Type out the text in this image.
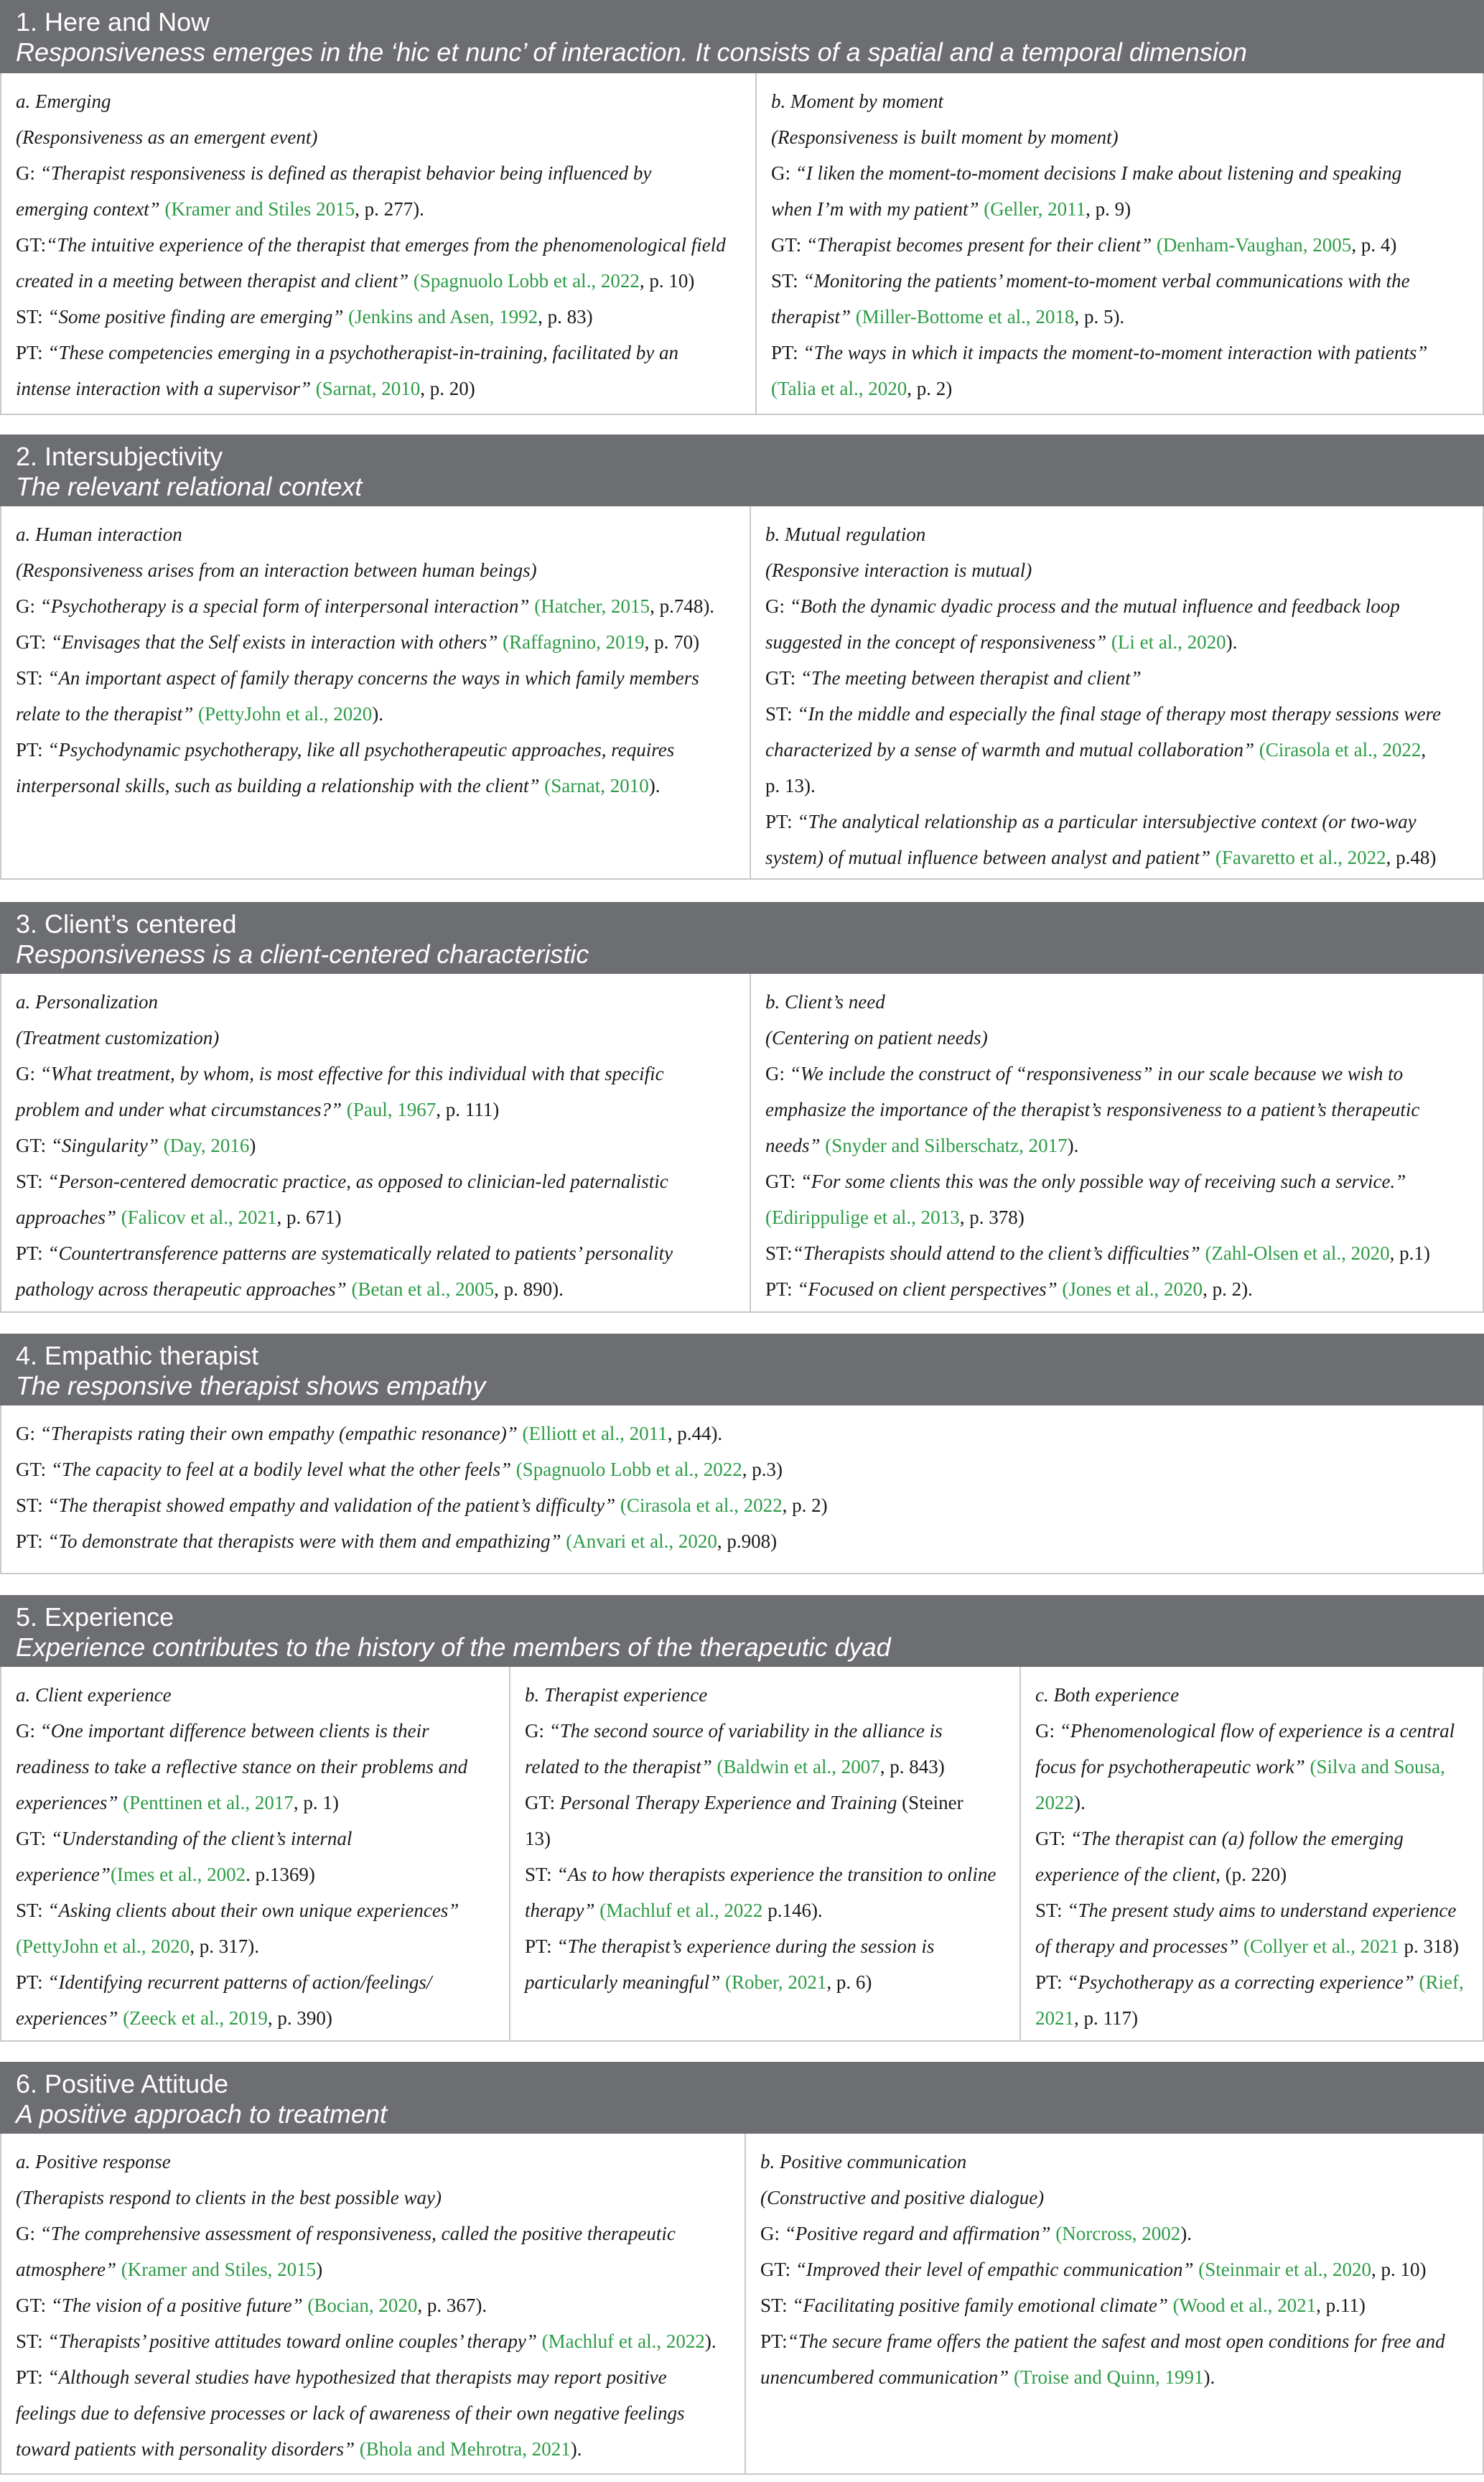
1. Here and Now
Responsiveness emerges in the ‘hic et nunc’ of interaction. It consists of a spatial and a temporal dimension

a. Emerging

(Responsiveness as an emergent event)

G: “Therapist responsiveness is defined as therapist behavior being influenced by

emerging context” (Kramer and Stiles 2015, p. 277).

GT:“The intuitive experience of the therapist that emerges from the phenomenological field

created in a meeting between therapist and client” (Spagnuolo Lobb et al., 2022, p. 10)

ST: “Some positive finding are emerging” (Jenkins and Asen, 1992, p. 83)

PT: “These competencies emerging in a psychotherapist-in-training, facilitated by an

intense interaction with a supervisor” (Sarnat, 2010, p. 20)

b. Moment by moment

(Responsiveness is built moment by moment)

G: “I liken the moment-to-moment decisions I make about listening and speaking

when I’m with my patient” (Geller, 2011, p. 9)

GT: “Therapist becomes present for their client” (Denham-Vaughan, 2005, p. 4)

ST: “Monitoring the patients’ moment-to-moment verbal communications with the

therapist” (Miller-Bottome et al., 2018, p. 5).

PT: “The ways in which it impacts the moment-to-moment interaction with patients”

(Talia et al., 2020, p. 2)

2. Intersubjectivity
The relevant relational context

a. Human interaction

(Responsiveness arises from an interaction between human beings)

G: “Psychotherapy is a special form of interpersonal interaction” (Hatcher, 2015, p.748).

GT: “Envisages that the Self exists in interaction with others” (Raffagnino, 2019, p. 70)

ST: “An important aspect of family therapy concerns the ways in which family members

relate to the therapist” (PettyJohn et al., 2020).

PT: “Psychodynamic psychotherapy, like all psychotherapeutic approaches, requires

interpersonal skills, such as building a relationship with the client” (Sarnat, 2010).

b. Mutual regulation

(Responsive interaction is mutual)

G: “Both the dynamic dyadic process and the mutual influence and feedback loop

suggested in the concept of responsiveness” (Li et al., 2020).

GT: “The meeting between therapist and client”

ST: “In the middle and especially the final stage of therapy most therapy sessions were

characterized by a sense of warmth and mutual collaboration” (Cirasola et al., 2022,

p. 13).

PT: “The analytical relationship as a particular intersubjective context (or two-way

system) of mutual influence between analyst and patient” (Favaretto et al., 2022, p.48)

3. Client’s centered
Responsiveness is a client-centered characteristic

a. Personalization

(Treatment customization)

G: “What treatment, by whom, is most effective for this individual with that specific

problem and under what circumstances?” (Paul, 1967, p. 111)

GT: “Singularity” (Day, 2016)

ST: “Person-centered democratic practice, as opposed to clinician-led paternalistic

approaches” (Falicov et al., 2021, p. 671)

PT: “Countertransference patterns are systematically related to patients’ personality

pathology across therapeutic approaches” (Betan et al., 2005, p. 890).

b. Client’s need

(Centering on patient needs)

G: “We include the construct of “responsiveness” in our scale because we wish to

emphasize the importance of the therapist’s responsiveness to a patient’s therapeutic

needs” (Snyder and Silberschatz, 2017).

GT: “For some clients this was the only possible way of receiving such a service.”

(Edirippulige et al., 2013, p. 378)

ST:“Therapists should attend to the client’s difficulties” (Zahl-Olsen et al., 2020, p.1)

PT: “Focused on client perspectives” (Jones et al., 2020, p. 2).

4. Empathic therapist
The responsive therapist shows empathy

G: “Therapists rating their own empathy (empathic resonance)” (Elliott et al., 2011, p.44).

GT: “The capacity to feel at a bodily level what the other feels” (Spagnuolo Lobb et al., 2022, p.3)

ST: “The therapist showed empathy and validation of the patient’s difficulty” (Cirasola et al., 2022, p. 2)

PT: “To demonstrate that therapists were with them and empathizing” (Anvari et al., 2020, p.908)

5. Experience
Experience contributes to the history of the members of the therapeutic dyad

a. Client experience

G: “One important difference between clients is their

readiness to take a reflective stance on their problems and

experiences” (Penttinen et al., 2017, p. 1)

GT: “Understanding of the client’s internal

experience”(Imes et al., 2002. p.1369)

ST: “Asking clients about their own unique experiences”

(PettyJohn et al., 2020, p. 317).

PT: “Identifying recurrent patterns of action/feelings/

experiences” (Zeeck et al., 2019, p. 390)

b. Therapist experience

G: “The second source of variability in the alliance is

related to the therapist” (Baldwin et al., 2007, p. 843)

GT: Personal Therapy Experience and Training (Steiner

13)

ST: “As to how therapists experience the transition to online

therapy” (Machluf et al., 2022 p.146).

PT: “The therapist’s experience during the session is

particularly meaningful” (Rober, 2021, p. 6)

c. Both experience

G: “Phenomenological flow of experience is a central

focus for psychotherapeutic work” (Silva and Sousa,

2022).

GT: “The therapist can (a) follow the emerging

experience of the client, (p. 220)

ST: “The present study aims to understand experience

of therapy and processes” (Collyer et al., 2021 p. 318)

PT: “Psychotherapy as a correcting experience” (Rief,

2021, p. 117)

6. Positive Attitude
A positive approach to treatment

a. Positive response

(Therapists respond to clients in the best possible way)

G: “The comprehensive assessment of responsiveness, called the positive therapeutic

atmosphere” (Kramer and Stiles, 2015)

GT: “The vision of a positive future” (Bocian, 2020, p. 367).

ST: “Therapists’ positive attitudes toward online couples’ therapy” (Machluf et al., 2022).

PT: “Although several studies have hypothesized that therapists may report positive

feelings due to defensive processes or lack of awareness of their own negative feelings

toward patients with personality disorders” (Bhola and Mehrotra, 2021).

b. Positive communication

(Constructive and positive dialogue)

G: “Positive regard and affirmation” (Norcross, 2002).

GT: “Improved their level of empathic communication” (Steinmair et al., 2020, p. 10)

ST: “Facilitating positive family emotional climate” (Wood et al., 2021, p.11)

PT:“The secure frame offers the patient the safest and most open conditions for free and

unencumbered communication” (Troise and Quinn, 1991).
